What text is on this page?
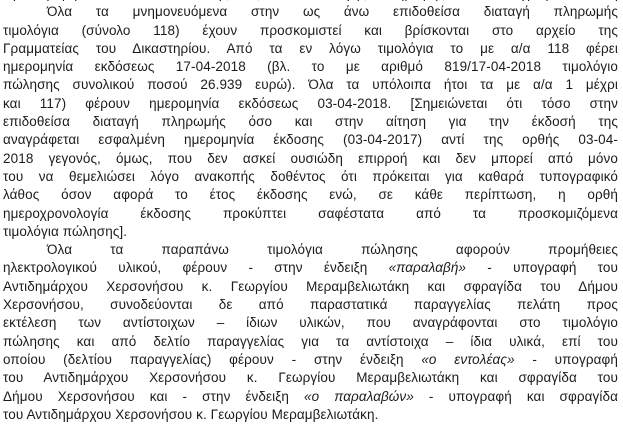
Όλα τα μνημονευόμενα στην ως άνω επιδοθείσα διαταγή πληρωμής
τιμολόγια (σύνολο 118) έχουν προσκομιστεί και βρίσκονται στο αρχείο της
Γραμματείας του Δικαστηρίου. Από τα εν λόγω τιμολόγια το με α/α 118 φέρει
ημερομηνία εκδόσεως 17-04-2018 (βλ. το με αριθμό 819/17-04-2018 τιμολόγιο
πώλησης συνολικού ποσού 26.939 ευρώ). Όλα τα υπόλοιπα ήτοι τα με α/α 1 μέχρι
και 117) φέρουν ημερομηνία εκδόσεως 03-04-2018. [Σημειώνεται ότι τόσο στην
επιδοθείσα διαταγή πληρωμής όσο και στην αίτηση για την έκδοσή της
αναγράφεται εσφαλμένη ημερομηνία έκδοσης (03-04-2017) αντί της ορθής 03-04-
2018 γεγονός, όμως, που δεν ασκεί ουσιώδη επιρροή και δεν μπορεί από μόνο
του να θεμελιώσει λόγο ανακοπής δοθέντος ότι πρόκειται για καθαρά τυπογραφικό
λάθος όσον αφορά το έτος έκδοσης ενώ, σε κάθε περίπτωση, η ορθή
ημεροχρονολογία έκδοσης προκύπτει σαφέστατα από τα προσκομιζόμενα
τιμολόγια πώλησης].
Όλα τα παραπάνω τιμολόγια πώλησης αφορούν προμήθειες
ηλεκτρολογικού υλικού, φέρουν - στην ένδειξη «παραλαβή» - υπογραφή του
Αντιδημάρχου Χερσονήσου κ. Γεωργίου Μεραμβελιωτάκη και σφραγίδα του Δήμου
Χερσονήσου, συνοδεύονται δε από παραστατικά παραγγελίας πελάτη προς
εκτέλεση των αντίστοιχων – ίδιων υλικών, που αναγράφονται στο τιμολόγιο
πώλησης και από δελτίο παραγγελίας για τα αντίστοιχα – ίδια υλικά, επί του
οποίου (δελτίου παραγγελίας) φέρουν - στην ένδειξη «ο εντολέας» - υπογραφή
του Αντιδημάρχου Χερσονήσου κ. Γεωργίου Μεραμβελιωτάκη και σφραγίδα του
Δήμου Χερσονήσου και - στην ένδειξη «ο παραλαβών» - υπογραφή και σφραγίδα
του Αντιδημάρχου Χερσονήσου κ. Γεωργίου Μεραμβελιωτάκη.
